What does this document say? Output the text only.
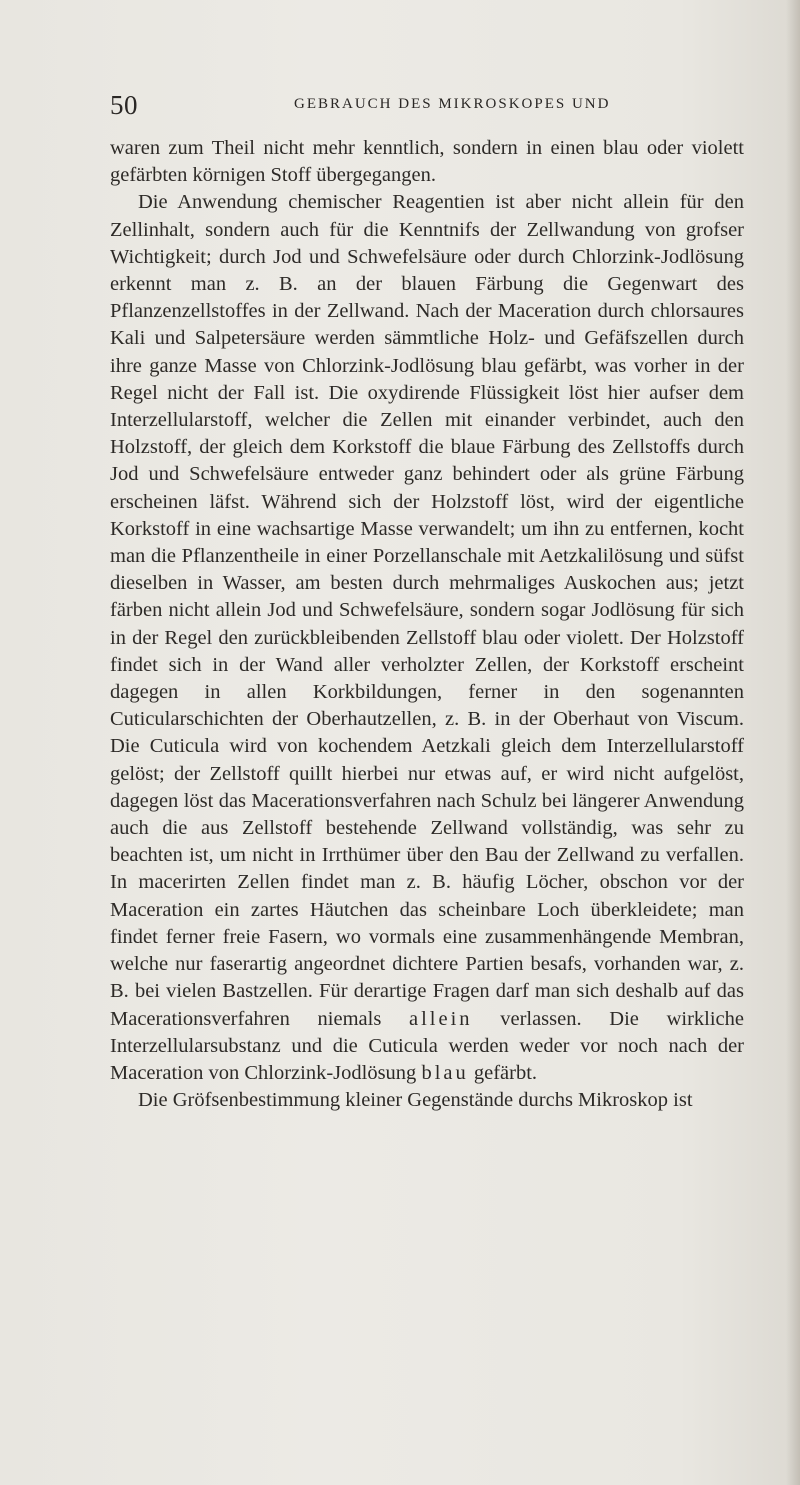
50	GEBRAUCH DES MIKROSKOPES UND

waren zum Theil nicht mehr kenntlich, sondern in einen blau oder violett gefärbten körnigen Stoff übergegangen.

Die Anwendung chemischer Reagentien ist aber nicht allein für den Zellinhalt, sondern auch für die Kenntnifs der Zellwandung von grofser Wichtigkeit; durch Jod und Schwefelsäure oder durch Chlorzink-Jodlösung erkennt man z. B. an der blauen Färbung die Gegenwart des Pflanzenzellstoffes in der Zellwand. Nach der Maceration durch chlorsaures Kali und Salpetersäure werden sämmtliche Holz- und Gefäfszellen durch ihre ganze Masse von Chlorzink-Jodlösung blau gefärbt, was vorher in der Regel nicht der Fall ist. Die oxydirende Flüssigkeit löst hier aufser dem Interzellularstoff, welcher die Zellen mit einander verbindet, auch den Holzstoff, der gleich dem Korkstoff die blaue Färbung des Zellstoffs durch Jod und Schwefelsäure entweder ganz behindert oder als grüne Färbung erscheinen läfst. Während sich der Holzstoff löst, wird der eigentliche Korkstoff in eine wachsartige Masse verwandelt; um ihn zu entfernen, kocht man die Pflanzentheile in einer Porzellanschale mit Aetzkalilösung und süfst dieselben in Wasser, am besten durch mehrmaliges Auskochen aus; jetzt färben nicht allein Jod und Schwefelsäure, sondern sogar Jodlösung für sich in der Regel den zurückbleibenden Zellstoff blau oder violett. Der Holzstoff findet sich in der Wand aller verholzter Zellen, der Korkstoff erscheint dagegen in allen Korkbildungen, ferner in den sogenannten Cuticularschichten der Oberhautzellen, z. B. in der Oberhaut von Viscum. Die Cuticula wird von kochendem Aetzkali gleich dem Interzellularstoff gelöst; der Zellstoff quillt hierbei nur etwas auf, er wird nicht aufgelöst, dagegen löst das Macerationsverfahren nach Schulz bei längerer Anwendung auch die aus Zellstoff bestehende Zellwand vollständig, was sehr zu beachten ist, um nicht in Irrthümer über den Bau der Zellwand zu verfallen. In macerirten Zellen findet man z. B. häufig Löcher, obschon vor der Maceration ein zartes Häutchen das scheinbare Loch überkleidete; man findet ferner freie Fasern, wo vormals eine zusammenhängende Membran, welche nur faserartig angeordnet dichtere Partien besafs, vorhanden war, z. B. bei vielen Bastzellen. Für derartige Fragen darf man sich deshalb auf das Macerationsverfahren niemals allein verlassen. Die wirkliche Interzellularsubstanz und die Cuticula werden weder vor noch nach der Maceration von Chlorzink-Jodlösung blau gefärbt.

Die Gröfsenbestimmung kleiner Gegenstände durchs Mikroskop ist
